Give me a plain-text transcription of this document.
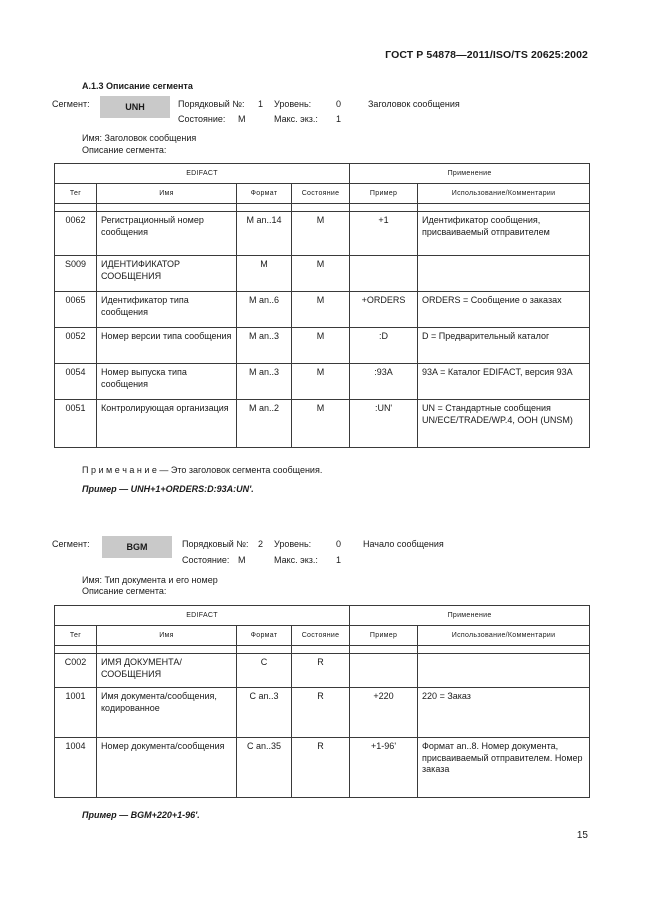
ГОСТ Р 54878—2011/ISO/TS 20625:2002
А.1.3 Описание сегмента
Сегмент:	UNH	Порядковый №: 1 Уровень:	0	Заголовок сообщения
Состояние: M	Макс. экз.: 1
Имя: Заголовок сообщения
Описание сегмента:
EDIFACT				Применение	
Тег	Имя	Формат	Состояние	Пример	Использование/Комментарии

0062	Регистрационный номер сообщения	M an..14	M	+1	Идентификатор сообщения, присваиваемый отправителем
S009	ИДЕНТИФИКАТОР СООБЩЕНИЯ	M	M		
0065	Идентификатор типа сообщения	M an..6	M	+ORDERS	ORDERS = Сообщение о заказах
0052	Номер версии типа сообщения	M an..3	M	:D	D = Предварительный каталог
0054	Номер выпуска типа сообщения	M an..3	M	:93A	93A = Каталог EDIFACT, версия 93A
0051	Контролирующая организация	M an..2	M	:UN'	UN = Стандартные сообщения UN/ECE/TRADE/WP.4, OOH (UNSM)
П р и м е ч а н и е — Это заголовок сегмента сообщения.
Пример — UNH+1+ORDERS:D:93A:UN'.
Сегмент:	BGM	Порядковый №: 2 Уровень:	0 Начало сообщения
Состояние: M	Макс. экз.: 1
Имя: Тип документа и его номер
Описание сегмента:
EDIFACT				Применение	
Тег	Имя	Формат	Состояние	Пример	Использование/Комментарии

C002	ИМЯ ДОКУМЕНТА/СООБЩЕНИЯ	C	R		
1001	Имя документа/сообщения, кодированное	C an..3	R	+220	220 = Заказ
1004	Номер документа/сообщения	C an..35	R	+1-96'	Формат an..8. Номер документа, присваиваемый отправителем. Номер заказа
Пример — BGM+220+1-96'.
15
